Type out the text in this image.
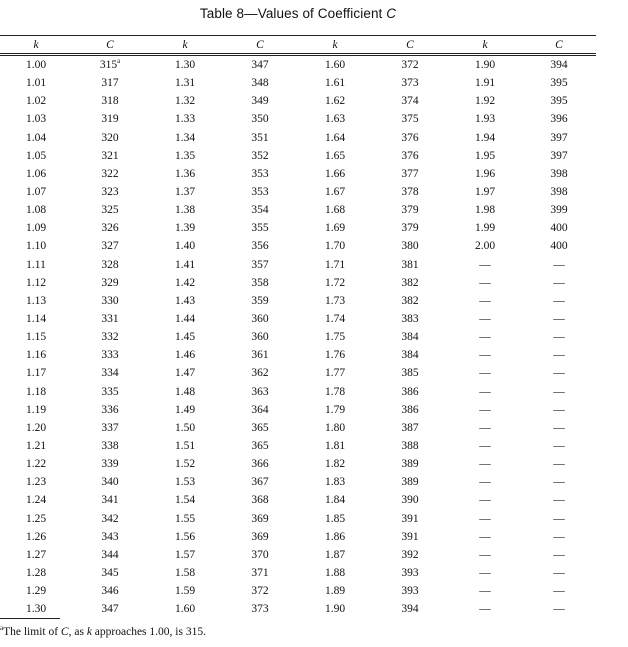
Table 8—Values of Coefficient C
k	C	k	C	k	C	k	C
1.00	315$^a$	1.30	347	1.60	372	1.90	394
1.01	317	1.31	348	1.61	373	1.91	395
1.02	318	1.32	349	1.62	374	1.92	395
1.03	319	1.33	350	1.63	375	1.93	396
1.04	320	1.34	351	1.64	376	1.94	397
1.05	321	1.35	352	1.65	376	1.95	397
1.06	322	1.36	353	1.66	377	1.96	398
1.07	323	1.37	353	1.67	378	1.97	398
1.08	325	1.38	354	1.68	379	1.98	399
1.09	326	1.39	355	1.69	379	1.99	400
1.10	327	1.40	356	1.70	380	2.00	400
1.11	328	1.41	357	1.71	381	—	—
1.12	329	1.42	358	1.72	382	—	—
1.13	330	1.43	359	1.73	382	—	—
1.14	331	1.44	360	1.74	383	—	—
1.15	332	1.45	360	1.75	384	—	—
1.16	333	1.46	361	1.76	384	—	—
1.17	334	1.47	362	1.77	385	—	—
1.18	335	1.48	363	1.78	386	—	—
1.19	336	1.49	364	1.79	386	—	—
1.20	337	1.50	365	1.80	387	—	—
1.21	338	1.51	365	1.81	388	—	—
1.22	339	1.52	366	1.82	389	—	—
1.23	340	1.53	367	1.83	389	—	—
1.24	341	1.54	368	1.84	390	—	—
1.25	342	1.55	369	1.85	391	—	—
1.26	343	1.56	369	1.86	391	—	—
1.27	344	1.57	370	1.87	392	—	—
1.28	345	1.58	371	1.88	393	—	—
1.29	346	1.59	372	1.89	393	—	—
1.30	347	1.60	373	1.90	394	—	—
$^a$The limit of C, as k approaches 1.00, is 315.
